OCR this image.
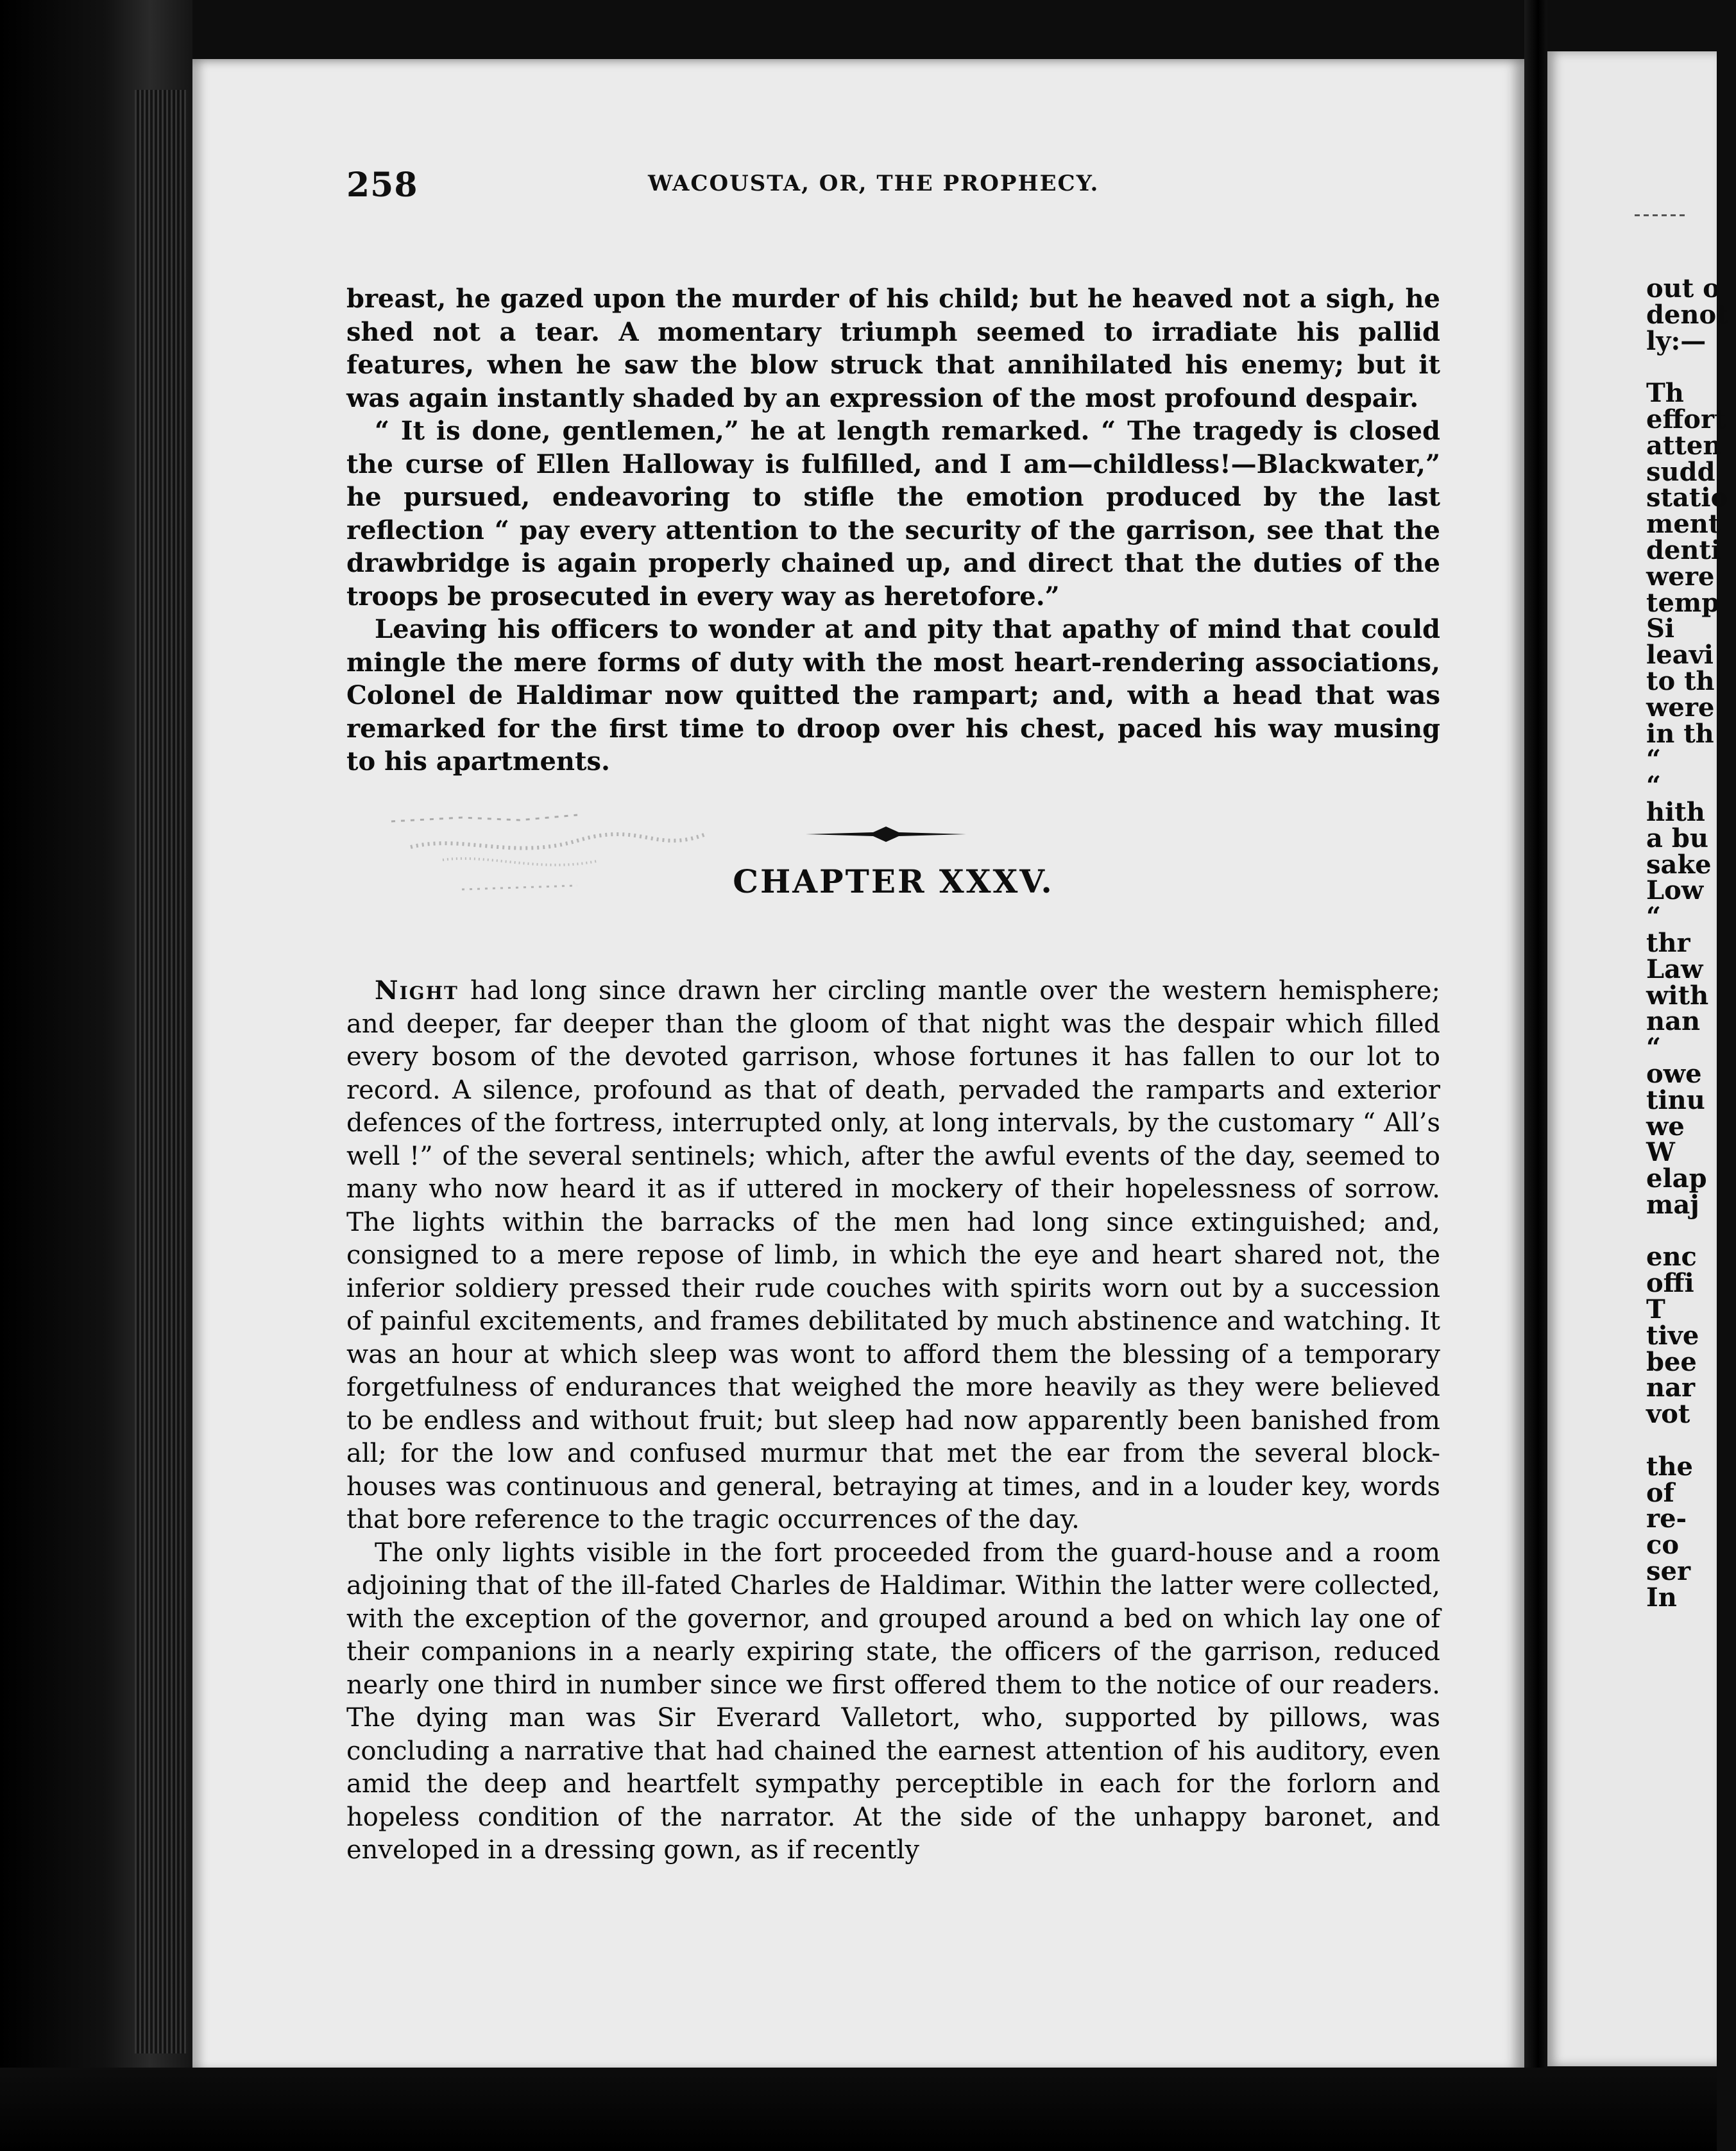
258	WACOUSTA, OR, THE PROPHECY.

breast, he gazed upon the murder of his child; but he heaved not a sigh, he shed not a tear. A momentary triumph seemed to irradiate his pallid features, when he saw the blow struck that annihilated his enemy; but it was again instantly shaded by an expression of the most profound despair.

“ It is done, gentlemen,” he at length remarked. “ The tragedy is closed the curse of Ellen Halloway is fulfilled, and I am—childless!—Blackwater,” he pursued, endeavoring to stifle the emotion produced by the last reflection “ pay every attention to the security of the garrison, see that the drawbridge is again properly chained up, and direct that the duties of the troops be prosecuted in every way as heretofore.”

Leaving his officers to wonder at and pity that apathy of mind that could mingle the mere forms of duty with the most heart-rendering associations, Colonel de Haldimar now quitted the rampart; and, with a head that was remarked for the first time to droop over his chest, paced his way musing to his apartments.

CHAPTER XXXV.

Night had long since drawn her circling mantle over the western hemisphere; and deeper, far deeper than the gloom of that night was the despair which filled every bosom of the devoted garrison, whose fortunes it has fallen to our lot to record. A silence, profound as that of death, pervaded the ramparts and exterior defences of the fortress, interrupted only, at long intervals, by the customary “ All’s well !” of the several sentinels; which, after the awful events of the day, seemed to many who now heard it as if uttered in mockery of their hopelessness of sorrow. The lights within the barracks of the men had long since extinguished; and, consigned to a mere repose of limb, in which the eye and heart shared not, the inferior soldiery pressed their rude couches with spirits worn out by a succession of painful excitements, and frames debilitated by much abstinence and watching. It was an hour at which sleep was wont to afford them the blessing of a temporary forgetfulness of endurances that weighed the more heavily as they were believed to be endless and without fruit; but sleep had now apparently been banished from all; for the low and confused murmur that met the ear from the several block-houses was continuous and general, betraying at times, and in a louder key, words that bore reference to the tragic occurrences of the day.

The only lights visible in the fort proceeded from the guard-house and a room adjoining that of the ill-fated Charles de Haldimar. Within the latter were collected, with the exception of the governor, and grouped around a bed on which lay one of their companions in a nearly expiring state, the officers of the garrison, reduced nearly one third in number since we first offered them to the notice of our readers. The dying man was Sir Everard Valletort, who, supported by pillows, was concluding a narrative that had chained the earnest attention of his auditory, even amid the deep and heartfelt sympathy perceptible in each for the forlorn and hopeless condition of the narrator. At the side of the unhappy baronet, and enveloped in a dressing gown, as if recently

out o
denot
ly:—
Th
effort
atten
sudd
statio
ment
denti
were
temp
Si
leavi
to th
were
in th
“
“
hith
a bu
sake
Low
“
thr
Law
with
nan
“
owe
tinu
we
W
elap
maj
enc
offi
T
tive
bee
nar
vot
the
of
re-
co
ser
In
